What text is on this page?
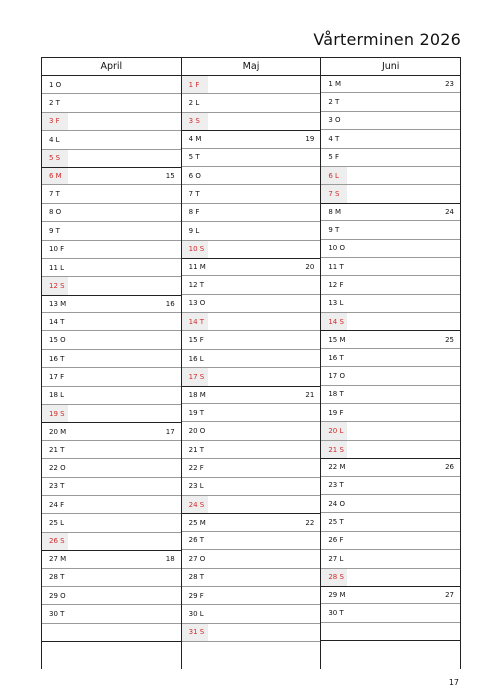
Vårterminen 2026
April
1 O
2 T
3 F
4 L
5 S
6 M	15
7 T
8 O
9 T
10 F
11 L
12 S
13 M	16
14 T
15 O
16 T
17 F
18 L
19 S
20 M	17
21 T
22 O
23 T
24 F
25 L
26 S
27 M	18
28 T
29 O
30 T
Maj
1 F
2 L
3 S
4 M	19
5 T
6 O
7 T
8 F
9 L
10 S
11 M	20
12 T
13 O
14 T
15 F
16 L
17 S
18 M	21
19 T
20 O
21 T
22 F
23 L
24 S
25 M	22
26 T
27 O
28 T
29 F
30 L
31 S
Juni
1 M	23
2 T
3 O
4 T
5 F
6 L
7 S
8 M	24
9 T
10 O
11 T
12 F
13 L
14 S
15 M	25
16 T
17 O
18 T
19 F
20 L
21 S
22 M	26
23 T
24 O
25 T
26 F
27 L
28 S
29 M	27
30 T
17
